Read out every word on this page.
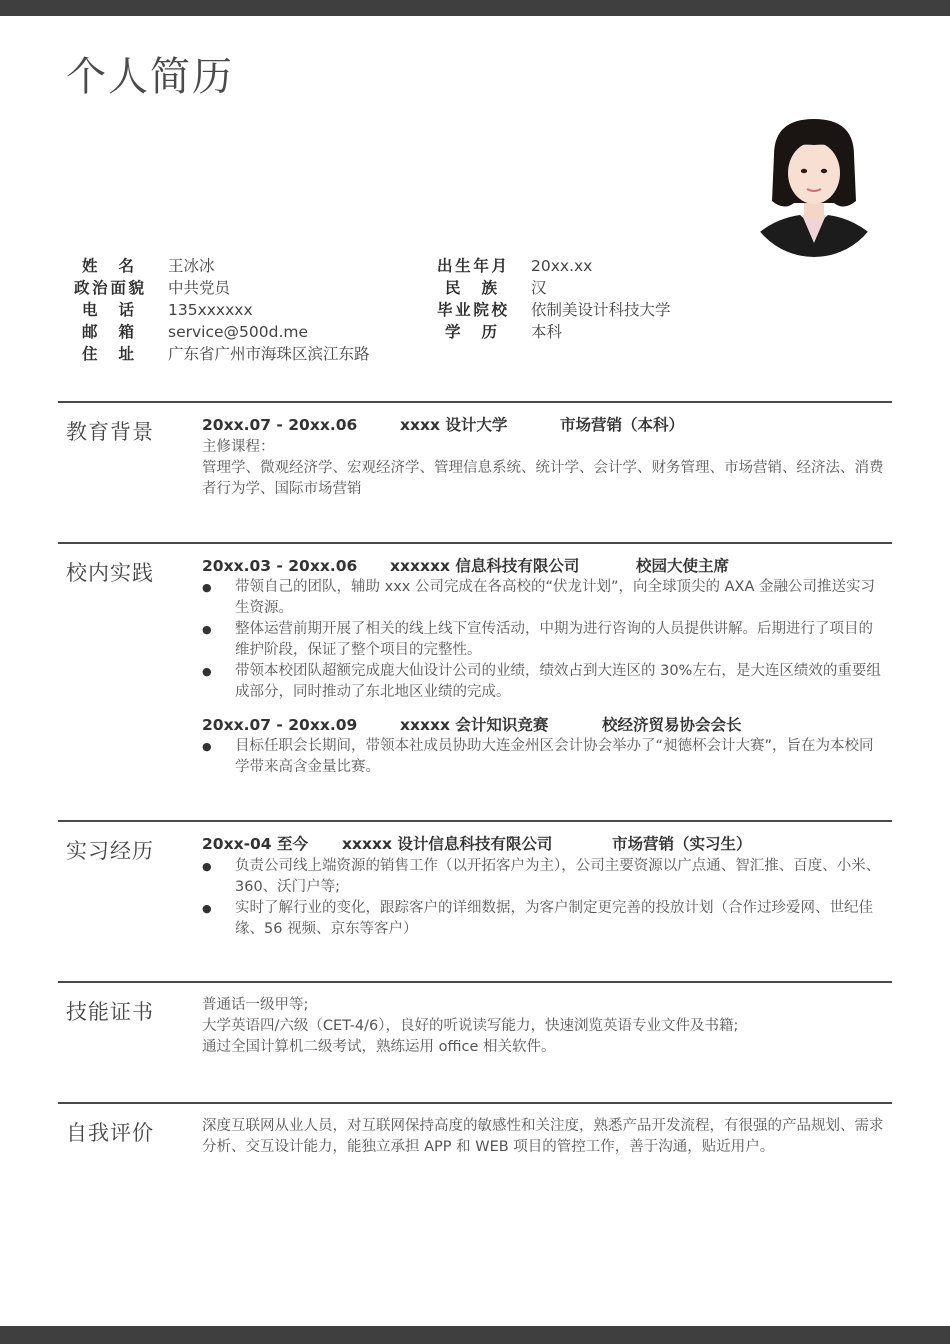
个人简历
姓名 王冰冰
政治面貌 中共党员
电话 135xxxxxx
邮箱 service@500d.me
住址 广东省广州市海珠区滨江东路
出生年月 20xx.xx
民族 汉
毕业院校 依制美设计科技大学
学历 本科
教育背景	20xx.07 - 20xx.06	xxxx 设计大学	市场营销（本科）
主修课程：
管理学、微观经济学、宏观经济学、管理信息系统、统计学、会计学、财务管理、市场营销、经济法、消费者行为学、国际市场营销
校内实践	20xx.03 - 20xx.06 xxxxxx 信息科技有限公司	校园大使主席
●	带领自己的团队，辅助 xxx 公司完成在各高校的“伏龙计划”，向全球顶尖的 AXA 金融公司推送实习生资源。
●	整体运营前期开展了相关的线上线下宣传活动，中期为进行咨询的人员提供讲解。后期进行了项目的维护阶段，保证了整个项目的完整性。
●	带领本校团队超额完成鹿大仙设计公司的业绩，绩效占到大连区的 30%左右，是大连区绩效的重要组成部分，同时推动了东北地区业绩的完成。
20xx.07 - 20xx.09	xxxxx 会计知识竞赛	校经济贸易协会会长
●	目标任职会长期间，带领本社成员协助大连金州区会计协会举办了“昶德杯会计大赛”，旨在为本校同学带来高含金量比赛。
实习经历	20xx-04 至今 xxxxx 设计信息科技有限公司	市场营销（实习生）
●	负责公司线上端资源的销售工作（以开拓客户为主），公司主要资源以广点通、智汇推、百度、小米、360、沃门户等;
●	实时了解行业的变化，跟踪客户的详细数据，为客户制定更完善的投放计划（合作过珍爱网、世纪佳缘、56 视频、京东等客户）
技能证书	普通话一级甲等;
大学英语四/六级（CET-4/6），良好的听说读写能力，快速浏览英语专业文件及书籍;
通过全国计算机二级考试，熟练运用 office 相关软件。
自我评价	深度互联网从业人员，对互联网保持高度的敏感性和关注度，熟悉产品开发流程，有很强的产品规划、需求分析、交互设计能力，能独立承担 APP 和 WEB 项目的管控工作，善于沟通，贴近用户。
